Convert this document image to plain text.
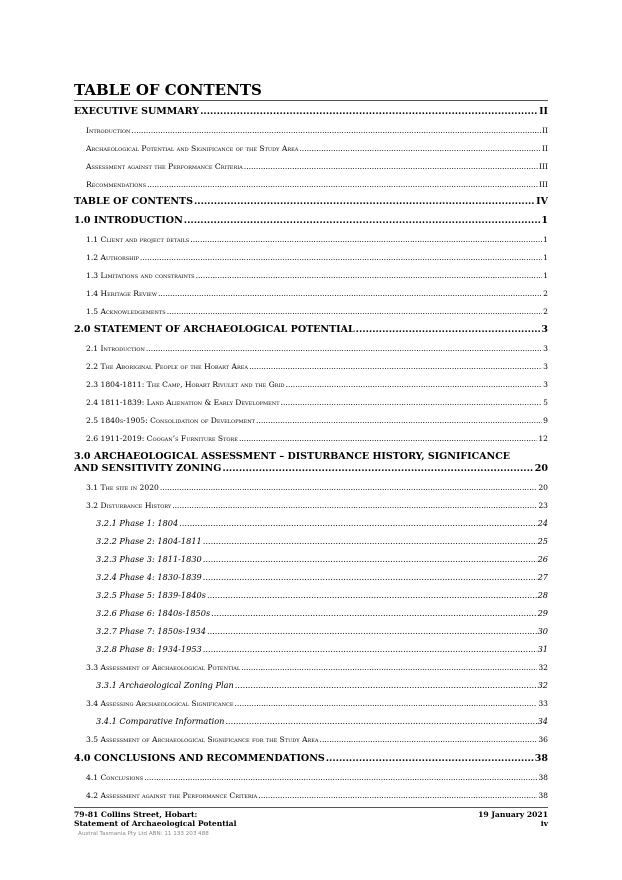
TABLE OF CONTENTS
EXECUTIVE SUMMARY .....	II
Introduction .....	II
Archaeological Potential and Significance of the Study Area .....	II
Assessment against the Performance Criteria .....	III
Recommendations .....	III
TABLE OF CONTENTS .....	IV
1.0 INTRODUCTION .....	1
1.1 Client and project details .....	1
1.2 Authorship .....	1
1.3 Limitations and constraints .....	1
1.4 Heritage Review .....	2
1.5 Acknowledgements .....	2
2.0 STATEMENT OF ARCHAEOLOGICAL POTENTIAL .....	3
2.1 Introduction .....	3
2.2 The Aboriginal People of the Hobart Area .....	3
2.3 1804-1811: The Camp, Hobart Rivulet and the Grid .....	3
2.4 1811-1839: Land Alienation & Early Development .....	5
2.5 1840s-1905: Consolidation of Development .....	9
2.6 1911-2019: Coogan’s Furniture Store .....	12
3.0 ARCHAEOLOGICAL ASSESSMENT – DISTURBANCE HISTORY, SIGNIFICANCE
AND SENSITIVITY ZONING .....	20
3.1 The site in 2020 .....	20
3.2 Disturbance History .....	23
3.2.1 Phase 1: 1804 .....	24
3.2.2 Phase 2: 1804-1811 .....	25
3.2.3 Phase 3: 1811-1830 .....	26
3.2.4 Phase 4: 1830-1839 .....	27
3.2.5 Phase 5: 1839-1840s .....	28
3.2.6 Phase 6: 1840s-1850s .....	29
3.2.7 Phase 7: 1850s-1934 .....	30
3.2.8 Phase 8: 1934-1953 .....	31
3.3 Assessment of Archaeological Potential .....	32
3.3.1 Archaeological Zoning Plan .....	32
3.4 Assessing Archaeological Significance .....	33
3.4.1 Comparative Information .....	34
3.5 Assessment of Archaeological Significance for the Study Area .....	36
4.0 CONCLUSIONS AND RECOMMENDATIONS .....	38
4.1 Conclusions .....	38
4.2 Assessment against the Performance Criteria .....	38
79-81 Collins Street, Hobart:
Statement of Archaeological Potential
19 January 2021
iv
Austral Tasmania Pty Ltd ABN: 11 133 203 488
